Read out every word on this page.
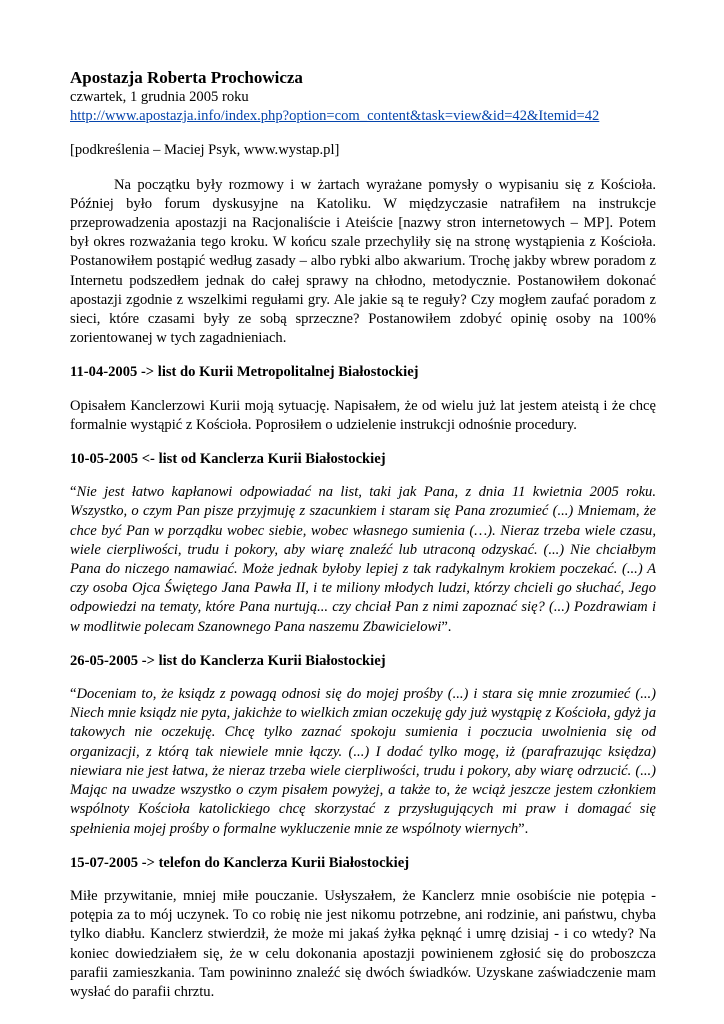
Apostazja Roberta Prochowicza
czwartek, 1 grudnia 2005 roku
http://www.apostazja.info/index.php?option=com_content&task=view&id=42&Itemid=42

[podkreślenia – Maciej Psyk, www.wystap.pl]

Na początku były rozmowy i w żartach wyrażane pomysły o wypisaniu się z Kościoła. Później było forum dyskusyjne na Katoliku. W międzyczasie natrafiłem na instrukcje przeprowadzenia apostazji na Racjonaliście i Ateiście [nazwy stron internetowych – MP]. Potem był okres rozważania tego kroku. W końcu szale przechyliły się na stronę wystąpienia z Kościoła. Postanowiłem postąpić według zasady – albo rybki albo akwarium. Trochę jakby wbrew poradom z Internetu podszedłem jednak do całej sprawy na chłodno, metodycznie. Postanowiłem dokonać apostazji zgodnie z wszelkimi regułami gry. Ale jakie są te reguły? Czy mogłem zaufać poradom z sieci, które czasami były ze sobą sprzeczne? Postanowiłem zdobyć opinię osoby na 100% zorientowanej w tych zagadnieniach.

11-04-2005 -> list do Kurii Metropolitalnej Białostockiej

Opisałem Kanclerzowi Kurii moją sytuację. Napisałem, że od wielu już lat jestem ateistą i że chcę formalnie wystąpić z Kościoła. Poprosiłem o udzielenie instrukcji odnośnie procedury.

10-05-2005 <- list od Kanclerza Kurii Białostockiej

“Nie jest łatwo kapłanowi odpowiadać na list, taki jak Pana, z dnia 11 kwietnia 2005 roku. Wszystko, o czym Pan pisze przyjmuję z szacunkiem i staram się Pana zrozumieć (...) Mniemam, że chce być Pan w porządku wobec siebie, wobec własnego sumienia (…). Nieraz trzeba wiele czasu, wiele cierpliwości, trudu i pokory, aby wiarę znaleźć lub utraconą odzyskać. (...) Nie chciałbym Pana do niczego namawiać. Może jednak byłoby lepiej z tak radykalnym krokiem poczekać. (...) A czy osoba Ojca Świętego Jana Pawła II, i te miliony młodych ludzi, którzy chcieli go słuchać, Jego odpowiedzi na tematy, które Pana nurtują... czy chciał Pan z nimi zapoznać się? (...) Pozdrawiam i w modlitwie polecam Szanownego Pana naszemu Zbawicielowi”.

26-05-2005 -> list do Kanclerza Kurii Białostockiej

“Doceniam to, że ksiądz z powagą odnosi się do mojej prośby (...) i stara się mnie zrozumieć (...) Niech mnie ksiądz nie pyta, jakichże to wielkich zmian oczekuję gdy już wystąpię z Kościoła, gdyż ja takowych nie oczekuję. Chcę tylko zaznać spokoju sumienia i poczucia uwolnienia się od organizacji, z którą tak niewiele mnie łączy. (...) I dodać tylko mogę, iż (parafrazując księdza) niewiara nie jest łatwa, że nieraz trzeba wiele cierpliwości, trudu i pokory, aby wiarę odrzucić. (...) Mając na uwadze wszystko o czym pisałem powyżej, a także to, że wciąż jeszcze jestem członkiem wspólnoty Kościoła katolickiego chcę skorzystać z przysługujących mi praw i domagać się spełnienia mojej prośby o formalne wykluczenie mnie ze wspólnoty wiernych”.

15-07-2005 -> telefon do Kanclerza Kurii Białostockiej

Miłe przywitanie, mniej miłe pouczanie. Usłyszałem, że Kanclerz mnie osobiście nie potępia - potępia za to mój uczynek. To co robię nie jest nikomu potrzebne, ani rodzinie, ani państwu, chyba tylko diabłu. Kanclerz stwierdził, że może mi jakaś żyłka pęknąć i umrę dzisiaj - i co wtedy? Na koniec dowiedziałem się, że w celu dokonania apostazji powinienem zgłosić się do proboszcza parafii zamieszkania. Tam powininno znaleźć się dwóch świadków. Uzyskane zaświadczenie mam wysłać do parafii chrztu.
